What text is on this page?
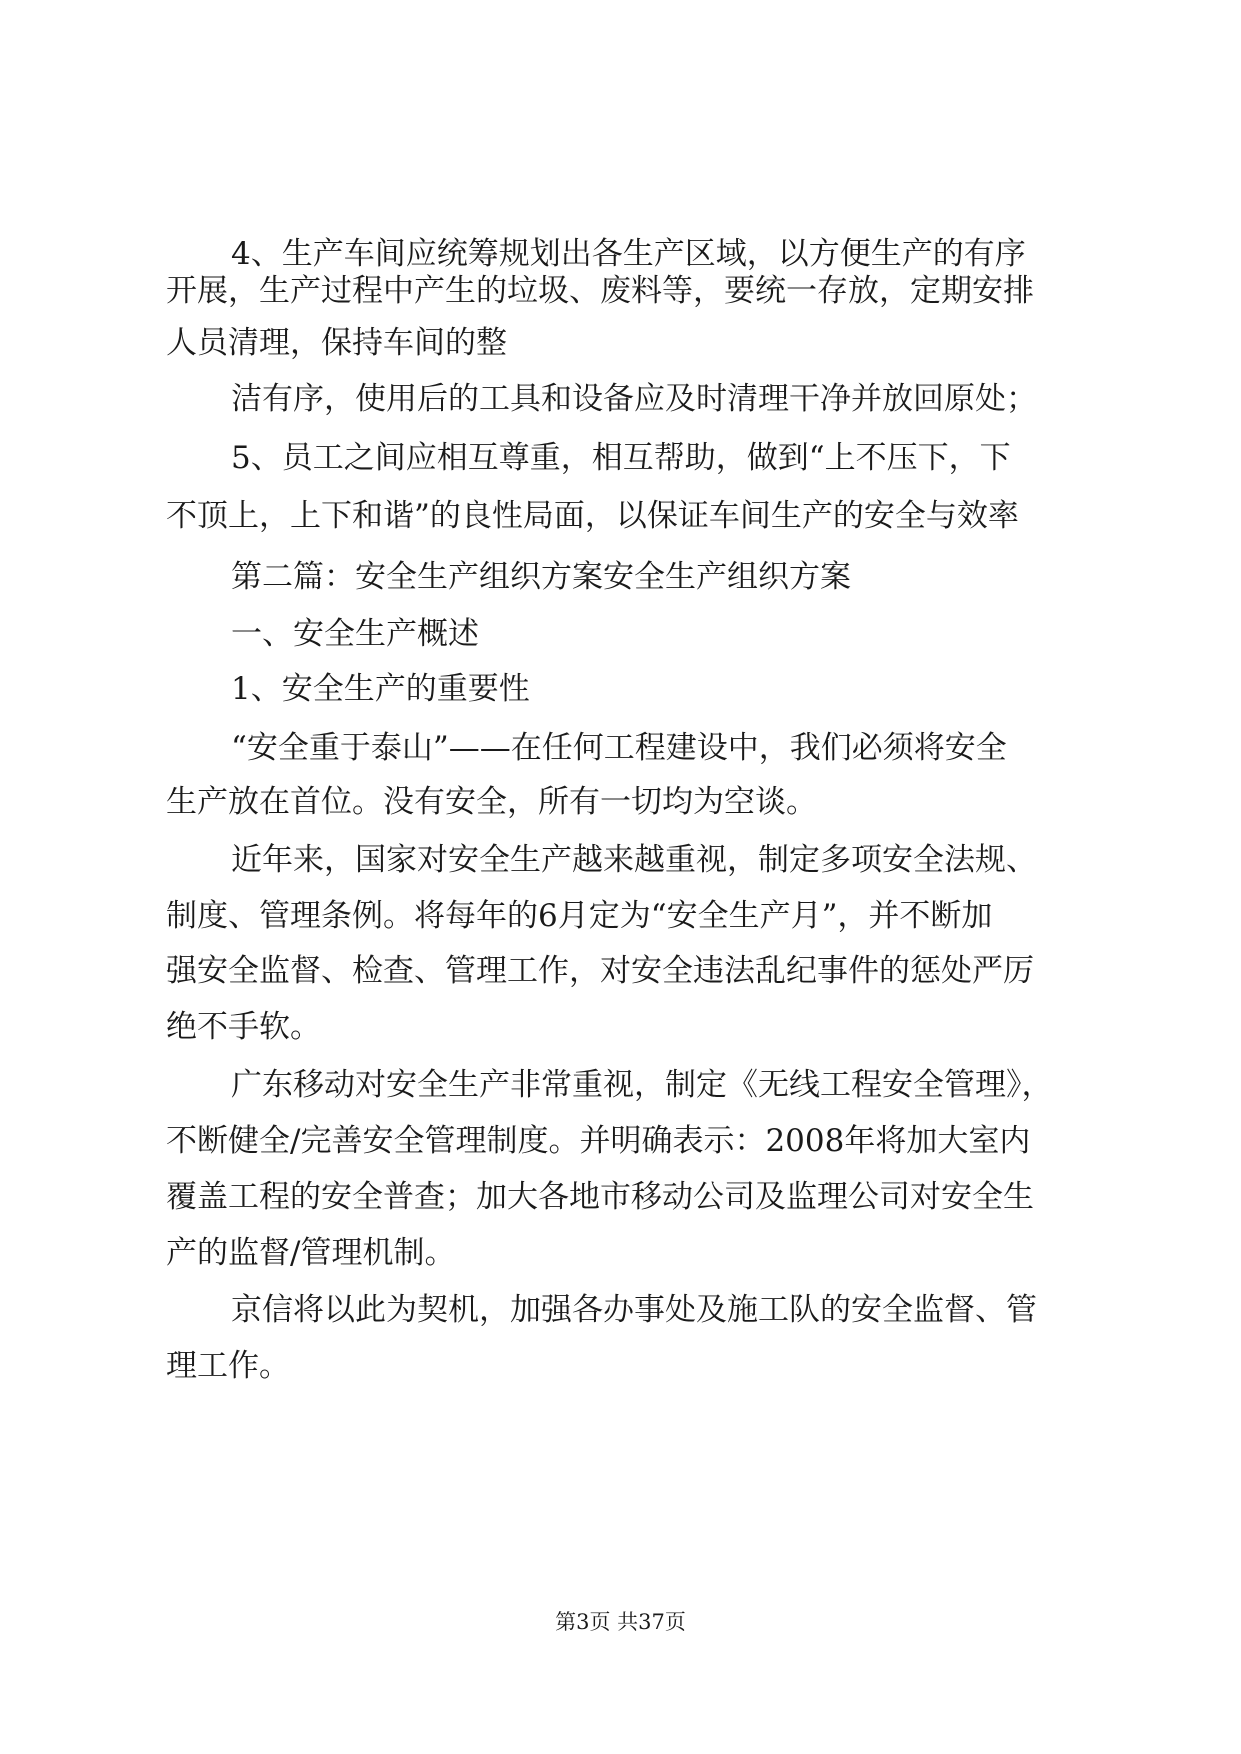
4、生产车间应统筹规划出各生产区域，以方便生产的有序
开展，生产过程中产生的垃圾、废料等，要统一存放，定期安排
人员清理，保持车间的整
洁有序，使用后的工具和设备应及时清理干净并放回原处；
5、员工之间应相互尊重，相互帮助，做到“上不压下，下
不顶上，上下和谐”的良性局面，以保证车间生产的安全与效率
第二篇：安全生产组织方案安全生产组织方案
一、安全生产概述
1、安全生产的重要性
“安全重于泰山”——在任何工程建设中，我们必须将安全
生产放在首位。没有安全，所有一切均为空谈。
近年来，国家对安全生产越来越重视，制定多项安全法规、
制度、管理条例。将每年的6月定为“安全生产月”，并不断加
强安全监督、检查、管理工作，对安全违法乱纪事件的惩处严厉
绝不手软。
广东移动对安全生产非常重视，制定《无线工程安全管理》，
不断健全/完善安全管理制度。并明确表示：2008年将加大室内
覆盖工程的安全普查；加大各地市移动公司及监理公司对安全生
产的监督/管理机制。
京信将以此为契机，加强各办事处及施工队的安全监督、管
理工作。
第3页 共37页
